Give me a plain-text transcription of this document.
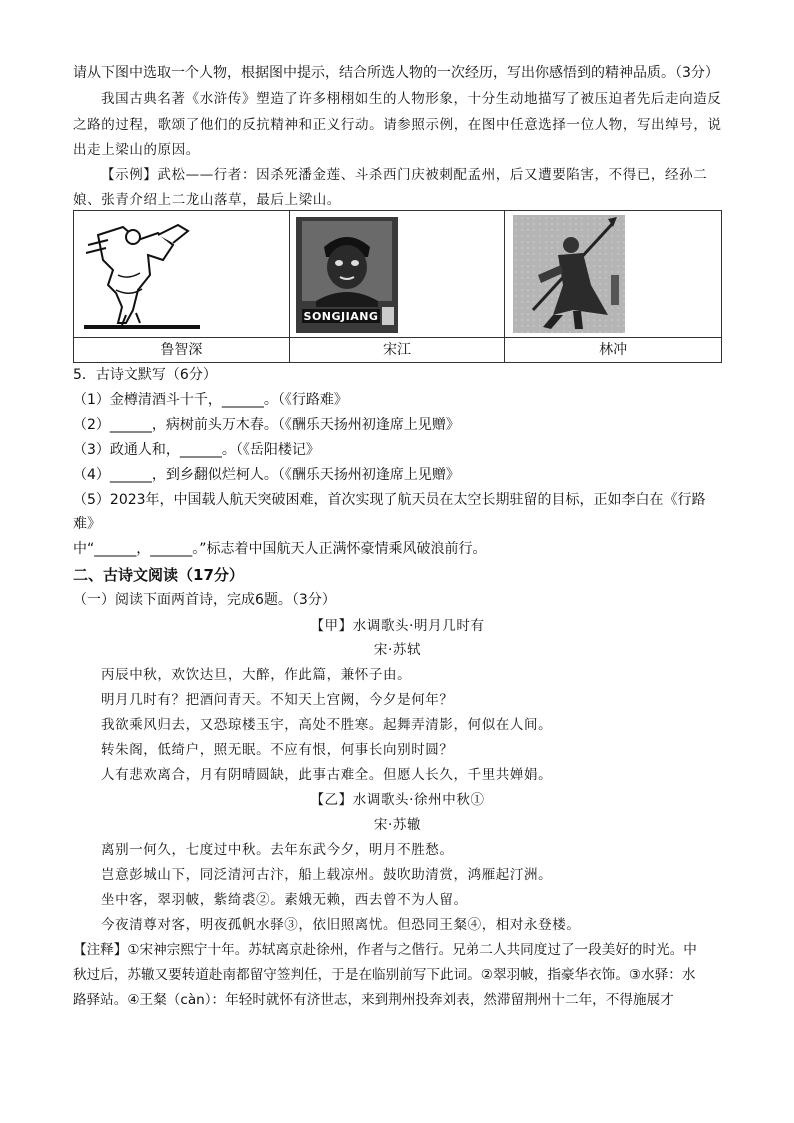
请从下图中选取一个人物，根据图中提示，结合所选人物的一次经历，写出你感悟到的精神品质。（3分）
我国古典名著《水浒传》塑造了许多栩栩如生的人物形象，十分生动地描写了被压迫者先后走向造反
之路的过程，歌颂了他们的反抗精神和正义行动。请参照示例，在图中任意选择一位人物，写出绰号，说
出走上梁山的原因。
【示例】武松——行者：因杀死潘金莲、斗杀西门庆被刺配孟州，后又遭要陷害，不得已，经孙二
娘、张青介绍上二龙山落草，最后上梁山。

SONGJIANG

鲁智深	宋江	林冲
5．古诗文默写（6分）
（1）金樽清酒斗十千，______。（《行路难》
（2）______，病树前头万木春。（《酬乐天扬州初逢席上见赠》
（3）政通人和，______。（《岳阳楼记》
（4）______，到乡翻似烂柯人。（《酬乐天扬州初逢席上见赠》
（5）2023年，中国载人航天突破困难，首次实现了航天员在太空长期驻留的目标，正如李白在《行路
难》
中“______，______。”标志着中国航天人正满怀豪情乘风破浪前行。
二、古诗文阅读（17分）
（一）阅读下面两首诗，完成6题。（3分）
【甲】水调歌头·明月几时有
宋·苏轼
丙辰中秋，欢饮达旦，大醉，作此篇，兼怀子由。
明月几时有？把酒问青天。不知天上宫阙，今夕是何年？
我欲乘风归去，又恐琼楼玉宇，高处不胜寒。起舞弄清影，何似在人间。
转朱阁，低绮户，照无眠。不应有恨，何事长向别时圆？
人有悲欢离合，月有阴晴圆缺，此事古难全。但愿人长久，千里共婵娟。
【乙】水调歌头·徐州中秋①
宋·苏辙
离别一何久，七度过中秋。去年东武今夕，明月不胜愁。
岂意彭城山下，同泛清河古汴，船上载凉州。鼓吹助清赏，鸿雁起汀洲。
坐中客，翠羽帔，紫绮裘②。素娥无赖，西去曾不为人留。
今夜清尊对客，明夜孤帆水驿③，依旧照离忧。但恐同王粲④，相对永登楼。
【注释】①宋神宗熙宁十年。苏轼离京赴徐州，作者与之偕行。兄弟二人共同度过了一段美好的时光。中
秋过后，苏辙又要转道赴南都留守签判任，于是在临别前写下此词。②翠羽帔，指豪华衣饰。③水驿：水
路驿站。④王粲（càn）：年轻时就怀有济世志，来到荆州投奔刘表，然滞留荆州十二年，不得施展才
